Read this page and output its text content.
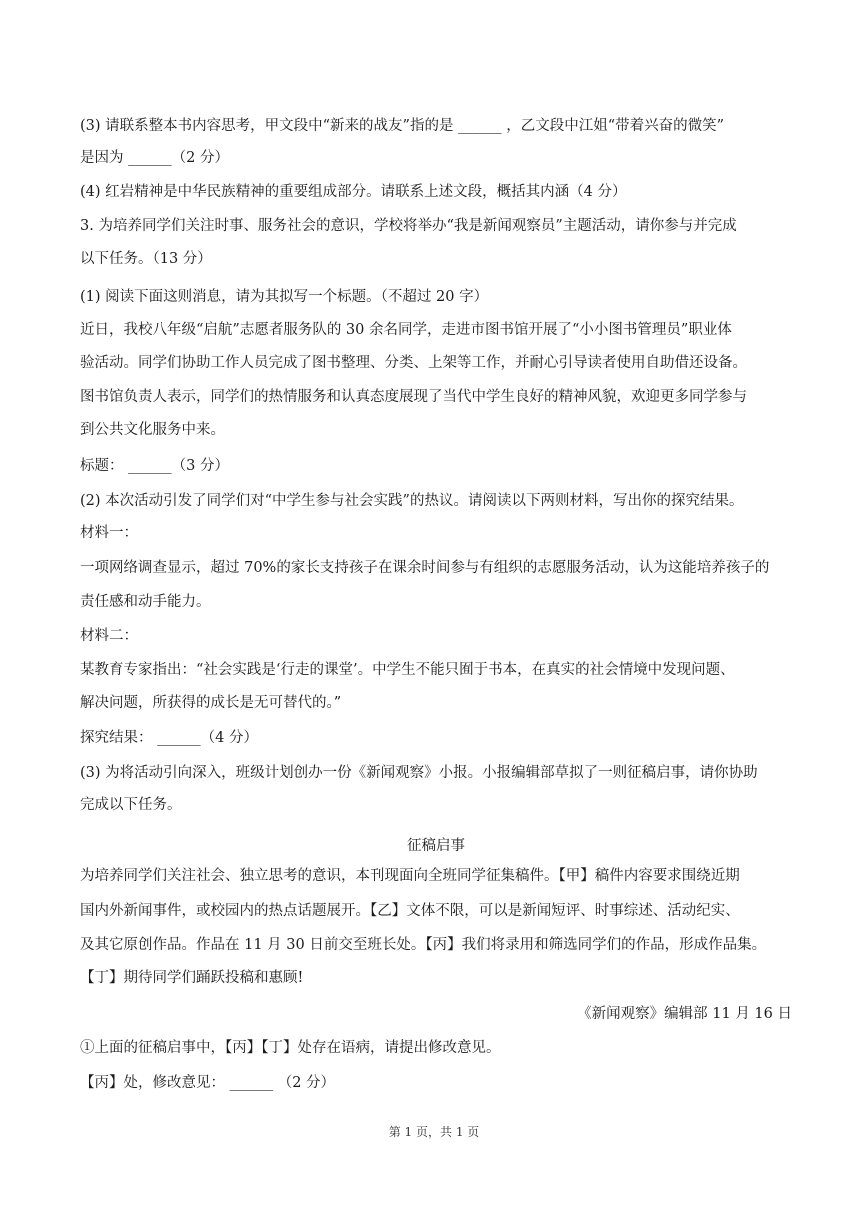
(3) 请联系整本书内容思考，甲文段中“新来的战友”指的是 ______ ，乙文段中江姐“带着兴奋的微笑”
是因为 ______（2 分）
(4) 红岩精神是中华民族精神的重要组成部分。请联系上述文段，概括其内涵（4 分）
3. 为培养同学们关注时事、服务社会的意识，学校将举办“我是新闻观察员”主题活动，请你参与并完成
以下任务。（13 分）
(1) 阅读下面这则消息，请为其拟写一个标题。（不超过 20 字）
近日，我校八年级“启航”志愿者服务队的 30 余名同学，走进市图书馆开展了“小小图书管理员”职业体
验活动。同学们协助工作人员完成了图书整理、分类、上架等工作，并耐心引导读者使用自助借还设备。
图书馆负责人表示，同学们的热情服务和认真态度展现了当代中学生良好的精神风貌，欢迎更多同学参与
到公共文化服务中来。
标题： ______（3 分）
(2) 本次活动引发了同学们对“中学生参与社会实践”的热议。请阅读以下两则材料，写出你的探究结果。
材料一：
一项网络调查显示，超过 70%的家长支持孩子在课余时间参与有组织的志愿服务活动，认为这能培养孩子的
责任感和动手能力。
材料二：
某教育专家指出：“社会实践是‘行走的课堂’。中学生不能只囿于书本，在真实的社会情境中发现问题、
解决问题，所获得的成长是无可替代的。”
探究结果： ______（4 分）
(3) 为将活动引向深入，班级计划创办一份《新闻观察》小报。小报编辑部草拟了一则征稿启事，请你协助
完成以下任务。
征稿启事
为培养同学们关注社会、独立思考的意识，本刊现面向全班同学征集稿件。【甲】稿件内容要求围绕近期
国内外新闻事件，或校园内的热点话题展开。【乙】文体不限，可以是新闻短评、时事综述、活动纪实、
及其它原创作品。作品在 11 月 30 日前交至班长处。【丙】我们将录用和筛选同学们的作品，形成作品集。
【丁】期待同学们踊跃投稿和惠顾!
《新闻观察》编辑部 11 月 16 日
①上面的征稿启事中，【丙】【丁】处存在语病，请提出修改意见。
【丙】处，修改意见： ______ （2 分）
第 1 页，共 1 页
